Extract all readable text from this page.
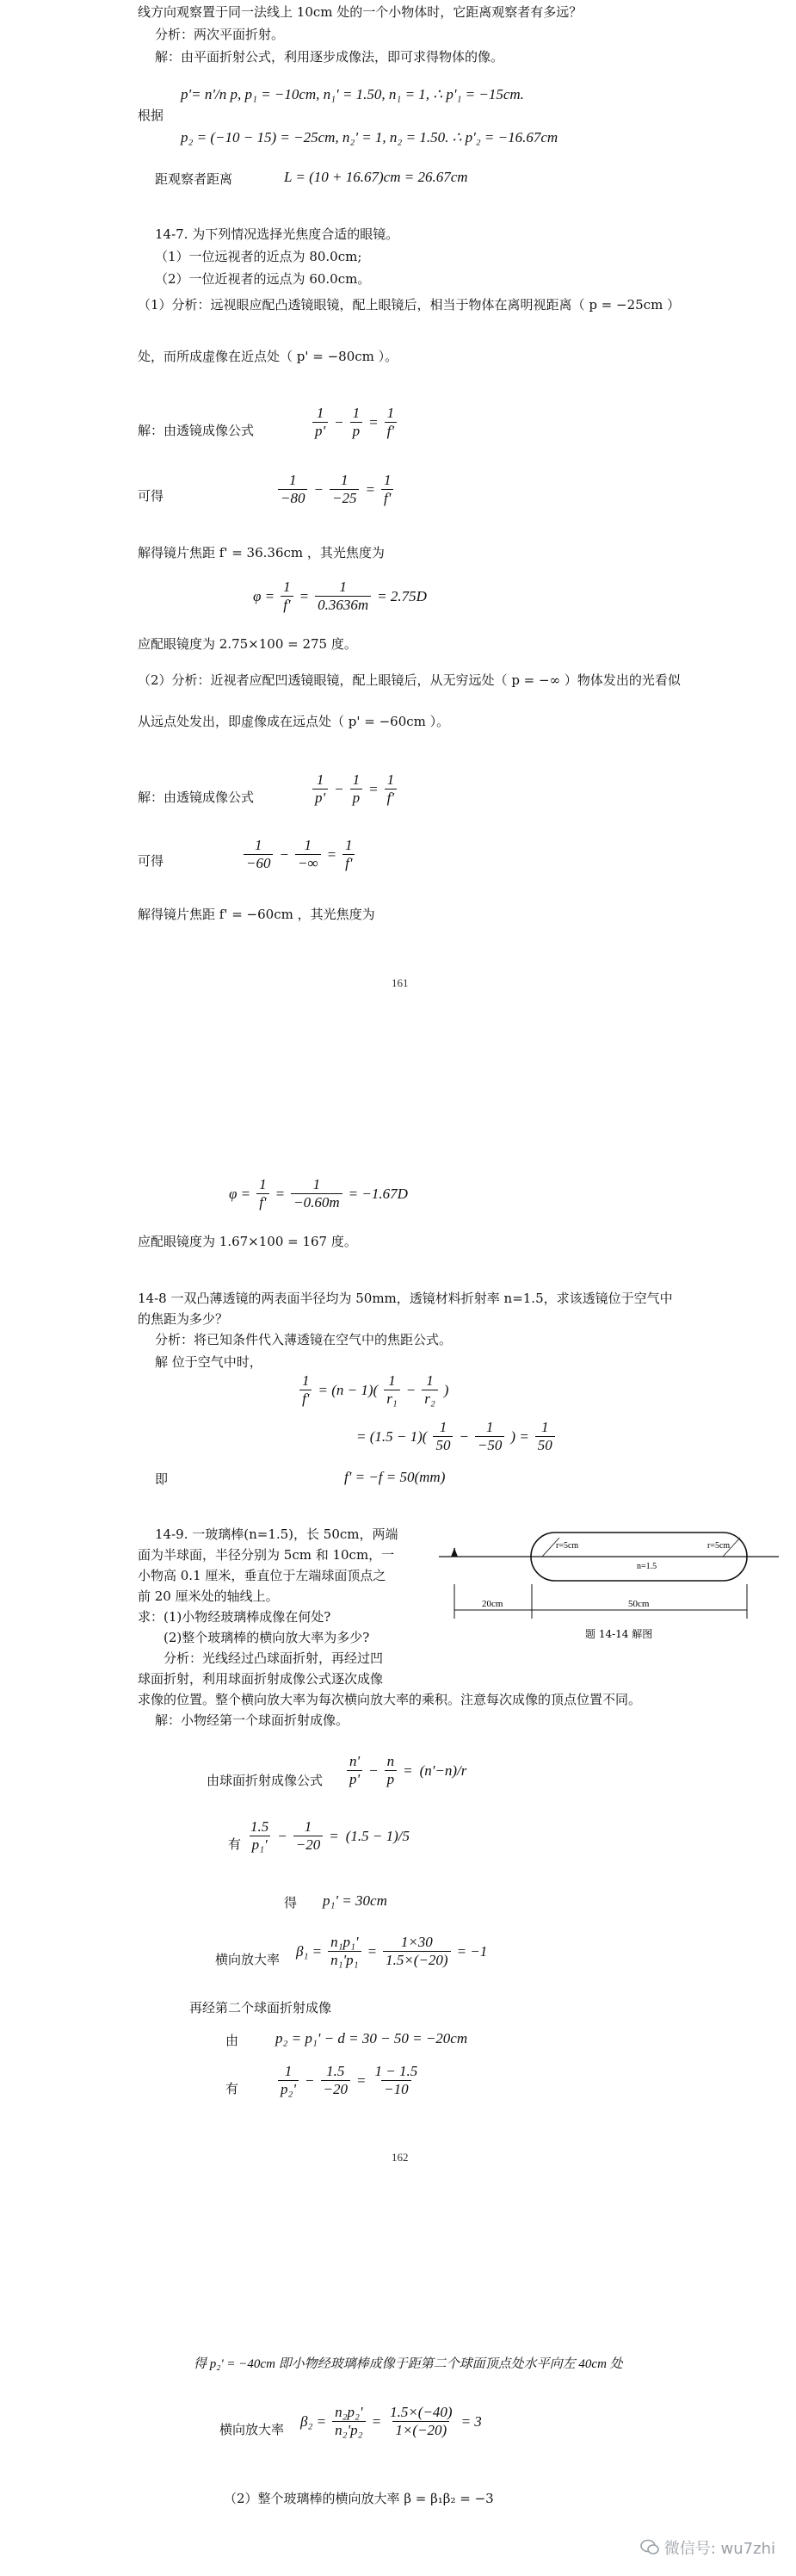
线方向观察置于同一法线上 10cm 处的一个小物体时，它距离观察者有多远？
分析：两次平面折射。
解：由平面折射公式，利用逐步成像法，即可求得物体的像。
根据
p'= n'/n p, p₁ = −10cm, n₁' = 1.50, n₁ = 1, ∴ p'₁ = −15cm.
p₂ = (−10 − 15) = −25cm, n₂' = 1, n₂ = 1.50. ∴ p'₂ = −16.67cm
距观察者距离	L = (10 + 16.67)cm = 26.67cm
14-7. 为下列情况选择光焦度合适的眼镜。
（1）一位远视者的近点为 80.0cm;
（2）一位近视者的远点为 60.0cm。
（1）分析：远视眼应配凸透镜眼镜，配上眼镜后，相当于物体在离明视距离（ p = −25cm ）
处，而所成虚像在近点处（ p' = −80cm ）。
解：由透镜成像公式	$\frac{1}{p'} - \frac{1}{p} = \frac{1}{f'}$
可得	$\frac{1}{-80} - \frac{1}{-25} = \frac{1}{f'}$
解得镜片焦距 f' = 36.36cm ，其光焦度为
$\varphi = \frac{1}{f'} = \frac{1}{0.3636m} = 2.75D$
应配眼镜度为 2.75×100 = 275 度。
（2）分析：近视者应配凹透镜眼镜，配上眼镜后，从无穷远处（ p = −∞ ）物体发出的光看似
从远点处发出，即虚像成在远点处（ p' = −60cm ）。
解：由透镜成像公式	$\frac{1}{p'} - \frac{1}{p} = \frac{1}{f'}$
可得	$\frac{1}{-60} - \frac{1}{-\infty} = \frac{1}{f'}$
解得镜片焦距 f' = −60cm ，其光焦度为
161
$\varphi = \frac{1}{f'} = \frac{1}{-0.60m} = -1.67D$
应配眼镜度为 1.67×100 = 167 度。
14-8 一双凸薄透镜的两表面半径均为 50mm，透镜材料折射率 n=1.5，求该透镜位于空气中
的焦距为多少？
分析：将已知条件代入薄透镜在空气中的焦距公式。
解 位于空气中时，
$\frac{1}{f'} = (n - 1)( \frac{1}{\text{r₁}} - \frac{1}{\text{r₂}}$ )
= $(1.5 - 1)( \frac{1}{50} - \frac{1}{-50}$ ) = $\frac{1}{50}$
即	f' = −f = 50(mm)
14-9. 一玻璃棒(n=1.5)，长 50cm，两端
面为半球面，半径分别为 5cm 和 10cm，一
小物高 0.1 厘米，垂直位于左端球面顶点之
前 20 厘米处的轴线上。
求：(1)小物经玻璃棒成像在何处?
(2)整个玻璃棒的横向放大率为多少?
分析：光线经过凸球面折射，再经过凹
球面折射，利用球面折射成像公式逐次成像
求像的位置。整个横向放大率为每次横向放大率的乘积。注意每次成像的顶点位置不同。
解：小物经第一个球面折射成像。
r=5cm	r=5cm
n=1.5
20cm	50cm
题 14-14 解图
由球面折射成像公式 $\frac{n'}{p'} - \frac{n}{p} = (n'-n)/r$
有 $\frac{1.5}{\text{p₁'}} - \frac{1}{-20} = (1.5 - 1)/5$
得 p₁' = 30cm
横向放大率
$\beta_1 = \frac{\text{n₁p₁'}}{\text{n₁'p₁}} = \frac{1\times 30}{1.5\times(-20)} = -1$
再经第二个球面折射成像
由	p₂ = p₁' − d = 30 − 50 = −20cm
有	$\frac{1}{\text{p₂'}} - \frac{1.5}{-20} = \frac{1 - 1.5}{-10}$
162
得 p₂' = −40cm 即小物经玻璃棒成像于距第二个球面顶点处水平向左 40cm 处
横向放大率
$\beta_2 = \frac{\text{n₂p₂'}}{\text{n₂'p₂}} = \frac{1.5\times(-40)}{1\times(-20)} = 3$
（2）整个玻璃棒的横向放大率 β = β₁β₂ = −3
微信号: wu7zhi
